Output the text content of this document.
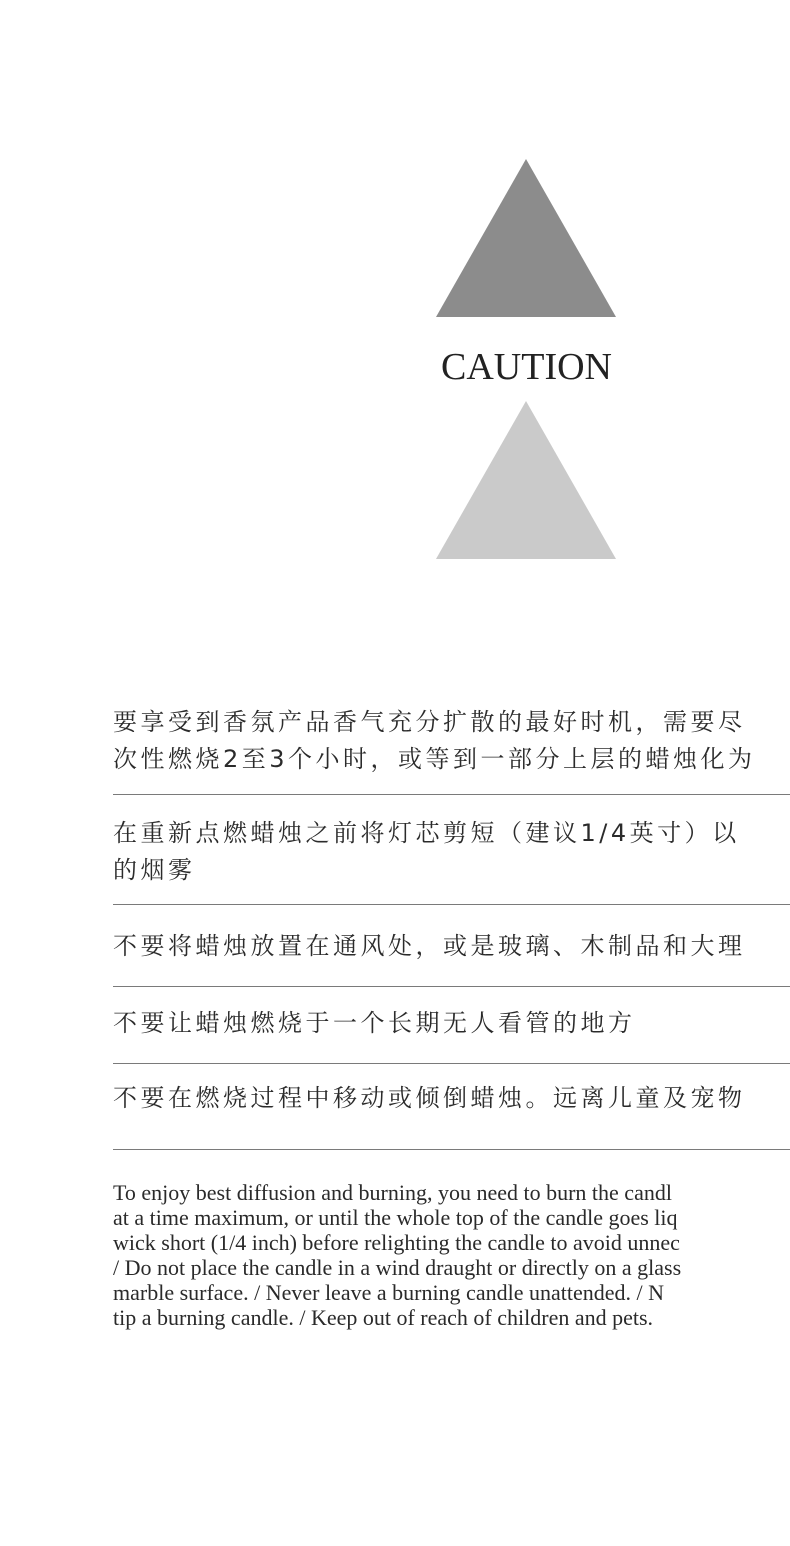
CAUTION
要享受到香氛产品香气充分扩散的最好时机，需要尽
次性燃烧2至3个小时，或等到一部分上层的蜡烛化为
在重新点燃蜡烛之前将灯芯剪短（建议1/4英寸）以
的烟雾
不要将蜡烛放置在通风处，或是玻璃、木制品和大理
不要让蜡烛燃烧于一个长期无人看管的地方
不要在燃烧过程中移动或倾倒蜡烛。远离儿童及宠物
To enjoy best diffusion and burning, you need to burn the candl
at a time maximum, or until the whole top of the candle goes liq
wick short (1/4 inch) before relighting the candle to avoid unnec
/ Do not place the candle in a wind draught or directly on a glass
marble surface. / Never leave a burning candle unattended. / N
tip a burning candle. / Keep out of reach of children and pets.
